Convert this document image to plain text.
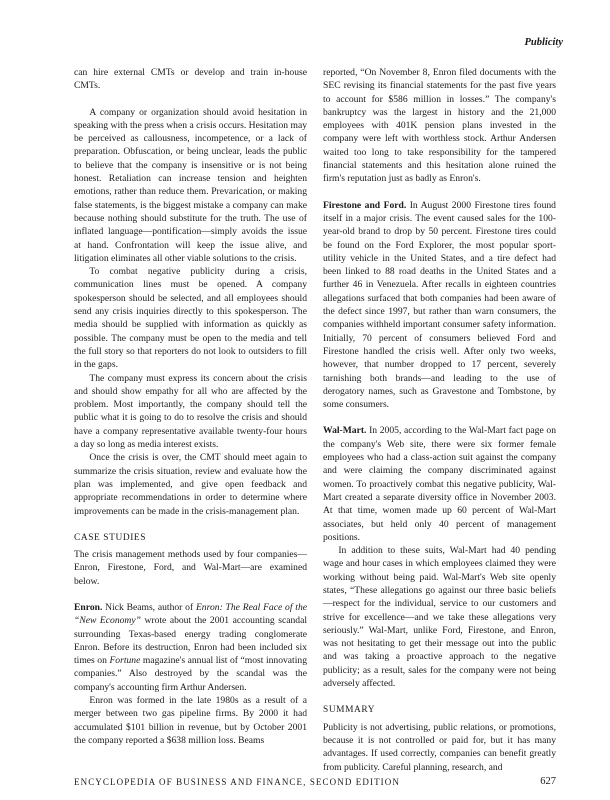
Publicity

can hire external CMTs or develop and train in-house CMTs.

A company or organization should avoid hesitation in speaking with the press when a crisis occurs. Hesitation may be perceived as callousness, incompetence, or a lack of preparation. Obfuscation, or being unclear, leads the public to believe that the company is insensitive or is not being honest. Retaliation can increase tension and heighten emotions, rather than reduce them. Prevarication, or making false statements, is the biggest mistake a company can make because nothing should substitute for the truth. The use of inflated language—pontification—simply avoids the issue at hand. Confrontation will keep the issue alive, and litigation eliminates all other viable solutions to the crisis.

To combat negative publicity during a crisis, communication lines must be opened. A company spokesperson should be selected, and all employees should send any crisis inquiries directly to this spokesperson. The media should be supplied with information as quickly as possible. The company must be open to the media and tell the full story so that reporters do not look to outsiders to fill in the gaps.

The company must express its concern about the crisis and should show empathy for all who are affected by the problem. Most importantly, the company should tell the public what it is going to do to resolve the crisis and should have a company representative available twenty-four hours a day so long as media interest exists.

Once the crisis is over, the CMT should meet again to summarize the crisis situation, review and evaluate how the plan was implemented, and give open feedback and appropriate recommendations in order to determine where improvements can be made in the crisis-management plan.

CASE STUDIES

The crisis management methods used by four companies—Enron, Firestone, Ford, and Wal-Mart—are examined below.

Enron. Nick Beams, author of Enron: The Real Face of the “New Economy” wrote about the 2001 accounting scandal surrounding Texas-based energy trading conglomerate Enron. Before its destruction, Enron had been included six times on Fortune magazine's annual list of “most innovating companies.” Also destroyed by the scandal was the company's accounting firm Arthur Andersen.

Enron was formed in the late 1980s as a result of a merger between two gas pipeline firms. By 2000 it had accumulated $101 billion in revenue, but by October 2001 the company reported a $638 million loss. Beams

reported, “On November 8, Enron filed documents with the SEC revising its financial statements for the past five years to account for $586 million in losses.” The company's bankruptcy was the largest in history and the 21,000 employees with 401K pension plans invested in the company were left with worthless stock. Arthur Andersen waited too long to take responsibility for the tampered financial statements and this hesitation alone ruined the firm's reputation just as badly as Enron's.

Firestone and Ford. In August 2000 Firestone tires found itself in a major crisis. The event caused sales for the 100-year-old brand to drop by 50 percent. Firestone tires could be found on the Ford Explorer, the most popular sport-utility vehicle in the United States, and a tire defect had been linked to 88 road deaths in the United States and a further 46 in Venezuela. After recalls in eighteen countries allegations surfaced that both companies had been aware of the defect since 1997, but rather than warn consumers, the companies withheld important consumer safety information. Initially, 70 percent of consumers believed Ford and Firestone handled the crisis well. After only two weeks, however, that number dropped to 17 percent, severely tarnishing both brands—and leading to the use of derogatory names, such as Gravestone and Tombstone, by some consumers.

Wal-Mart. In 2005, according to the Wal-Mart fact page on the company's Web site, there were six former female employees who had a class-action suit against the company and were claiming the company discriminated against women. To proactively combat this negative publicity, Wal-Mart created a separate diversity office in November 2003. At that time, women made up 60 percent of Wal-Mart associates, but held only 40 percent of management positions.

In addition to these suits, Wal-Mart had 40 pending wage and hour cases in which employees claimed they were working without being paid. Wal-Mart's Web site openly states, “These allegations go against our three basic beliefs—respect for the individual, service to our customers and strive for excellence—and we take these allegations very seriously.” Wal-Mart, unlike Ford, Firestone, and Enron, was not hesitating to get their message out into the public and was taking a proactive approach to the negative publicity; as a result, sales for the company were not being adversely affected.

SUMMARY

Publicity is not advertising, public relations, or promotions, because it is not controlled or paid for, but it has many advantages. If used correctly, companies can benefit greatly from publicity. Careful planning, research, and

ENCYCLOPEDIA OF BUSINESS AND FINANCE, SECOND EDITION	627
